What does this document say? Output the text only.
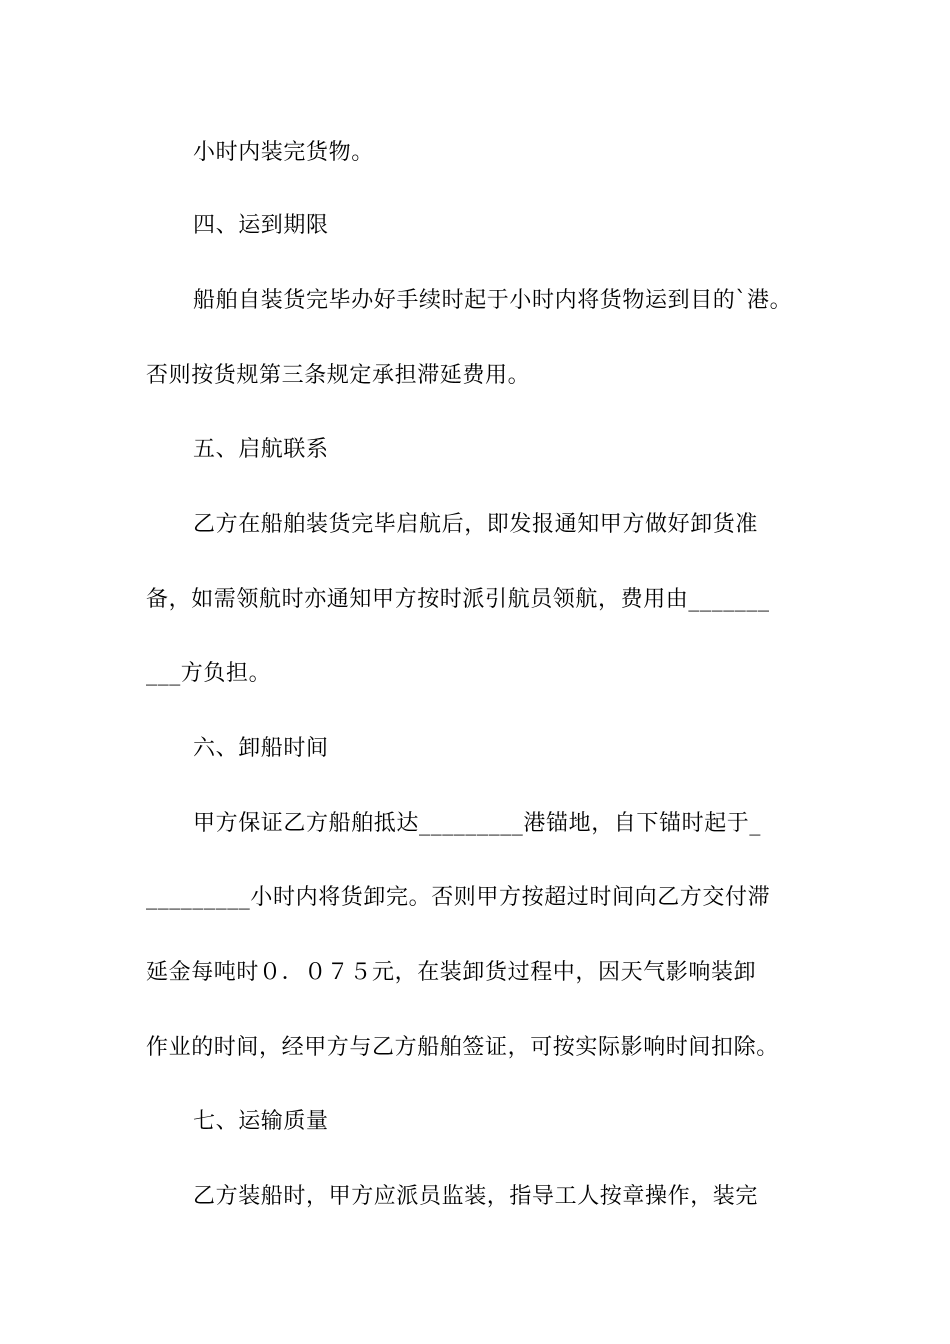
小时内装完货物。
四、运到期限
船舶自装货完毕办好手续时起于小时内将货物运到目的`港。
否则按货规第三条规定承担滞延费用。
五、启航联系
乙方在船舶装货完毕启航后，即发报通知甲方做好卸货准
备，如需领航时亦通知甲方按时派引航员领航，费用由_______
___方负担。
六、卸船时间
甲方保证乙方船舶抵达_________港锚地，自下锚时起于_
_________小时内将货卸完。否则甲方按超过时间向乙方交付滞
延金每吨时０．０７５元，在装卸货过程中，因天气影响装卸
作业的时间，经甲方与乙方船舶签证，可按实际影响时间扣除。
七、运输质量
乙方装船时，甲方应派员监装，指导工人按章操作，装完
